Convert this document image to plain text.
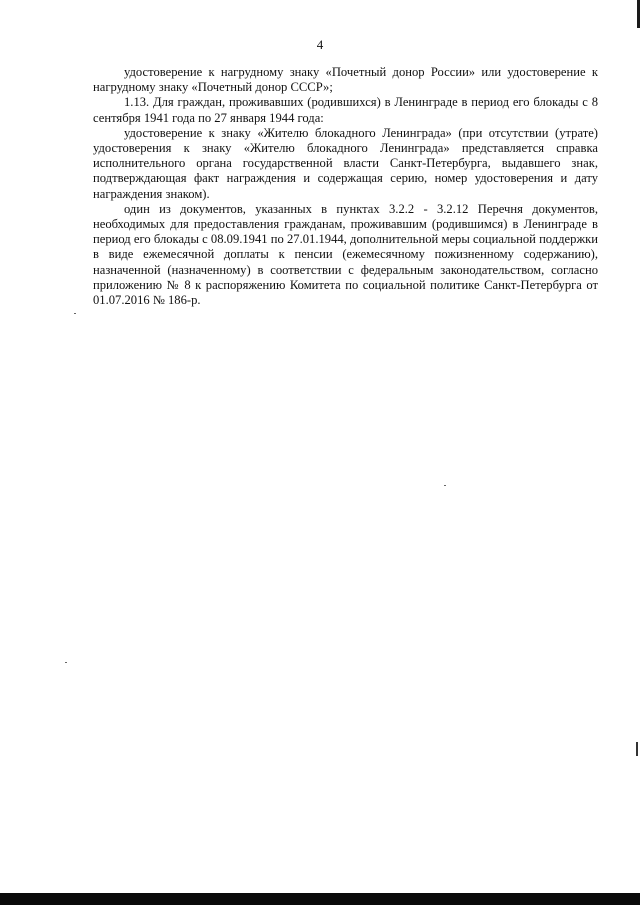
4

удостоверение к нагрудному знаку «Почетный донор России» или удостоверение к нагрудному знаку «Почетный донор СССР»;

1.13. Для граждан, проживавших (родившихся) в Ленинграде в период его блокады с 8 сентября 1941 года по 27 января 1944 года:

удостоверение к знаку «Жителю блокадного Ленинграда» (при отсутствии (утрате) удостоверения к знаку «Жителю блокадного Ленинграда» представляется справка исполнительного органа государственной власти Санкт-Петербурга, выдавшего знак, подтверждающая факт награждения и содержащая серию, номер удостоверения и дату награждения знаком).

один из документов, указанных в пунктах 3.2.2 - 3.2.12 Перечня документов, необходимых для предоставления гражданам, проживавшим (родившимся) в Ленинграде в период его блокады с 08.09.1941 по 27.01.1944, дополнительной меры социальной поддержки в виде ежемесячной доплаты к пенсии (ежемесячному пожизненному содержанию), назначенной (назначенному) в соответствии с федеральным законодательством, согласно приложению № 8 к распоряжению Комитета по социальной политике Санкт-Петербурга от 01.07.2016 № 186-р.
